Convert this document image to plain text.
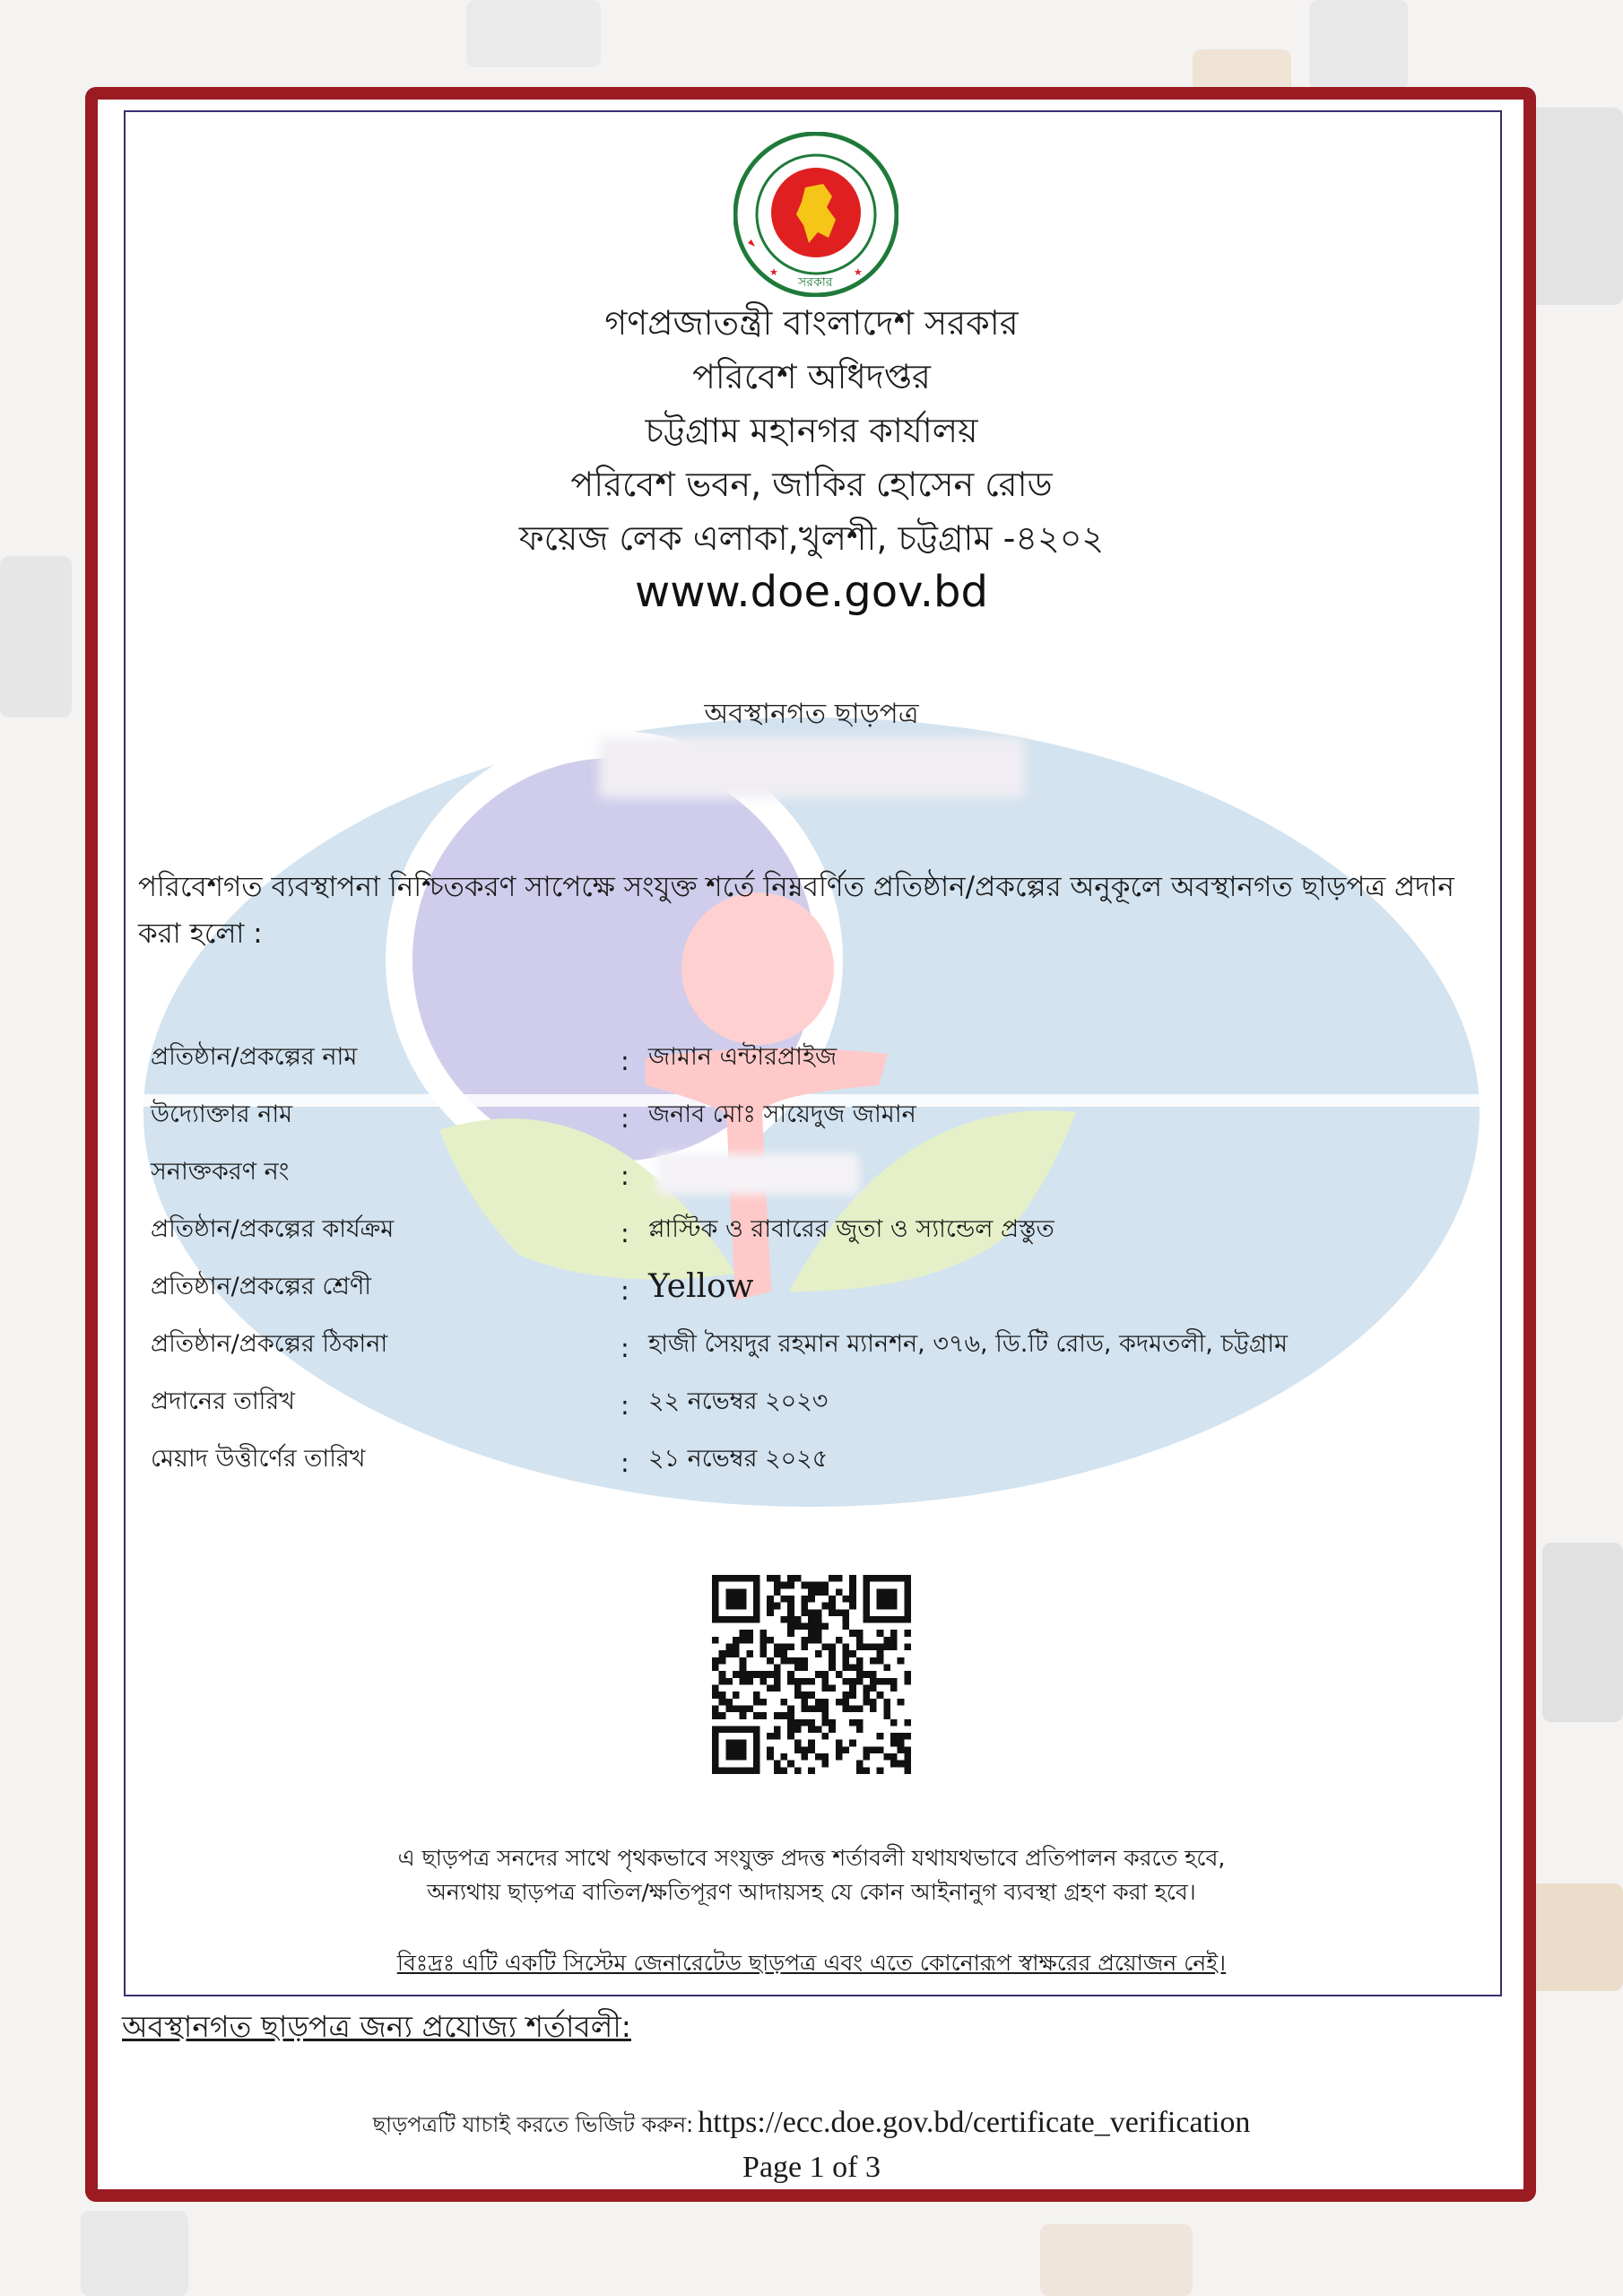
★	★
সরকার
গণপ্রজাতন্ত্রী বাংলাদেশ সরকার
পরিবেশ অধিদপ্তর
চট্টগ্রাম মহানগর কার্যালয়
পরিবেশ ভবন, জাকির হোসেন রোড
ফয়েজ লেক এলাকা,খুলশী, চট্টগ্রাম -৪২০২
www.doe.gov.bd
অবস্থানগত ছাড়পত্র
পরিবেশগত ব্যবস্থাপনা নিশ্চিতকরণ সাপেক্ষে সংযুক্ত শর্তে নিম্নবর্ণিত প্রতিষ্ঠান/প্রকল্পের অনুকূলে অবস্থানগত ছাড়পত্র প্রদান করা হলো :
প্রতিষ্ঠান/প্রকল্পের নাম	: জামান এন্টারপ্রাইজ
উদ্যোক্তার নাম	: জনাব মোঃ সায়েদুজ জামান
সনাক্তকরণ নং	:
প্রতিষ্ঠান/প্রকল্পের কার্যক্রম	: প্লাস্টিক ও রাবারের জুতা ও স্যান্ডেল প্রস্তুত
প্রতিষ্ঠান/প্রকল্পের শ্রেণী	: Yellow
প্রতিষ্ঠান/প্রকল্পের ঠিকানা	: হাজী সৈয়দুর রহমান ম্যানশন, ৩৭৬, ডি.টি রোড, কদমতলী, চট্টগ্রাম
প্রদানের তারিখ	: ২২ নভেম্বর ২০২৩
মেয়াদ উত্তীর্ণের তারিখ	: ২১ নভেম্বর ২০২৫
এ ছাড়পত্র সনদের সাথে পৃথকভাবে সংযুক্ত প্রদত্ত শর্তাবলী যথাযথভাবে প্রতিপালন করতে হবে,
অন্যথায় ছাড়পত্র বাতিল/ক্ষতিপূরণ আদায়সহ যে কোন আইনানুগ ব্যবস্থা গ্রহণ করা হবে।
বিঃদ্রঃ এটি একটি সিস্টেম জেনারেটেড ছাড়পত্র এবং এতে কোনোরূপ স্বাক্ষরের প্রয়োজন নেই।
অবস্থানগত ছাড়পত্র জন্য প্রযোজ্য শর্তাবলী:
ছাড়পত্রটি যাচাই করতে ভিজিট করুন: https://ecc.doe.gov.bd/certificate_verification
Page 1 of 3
